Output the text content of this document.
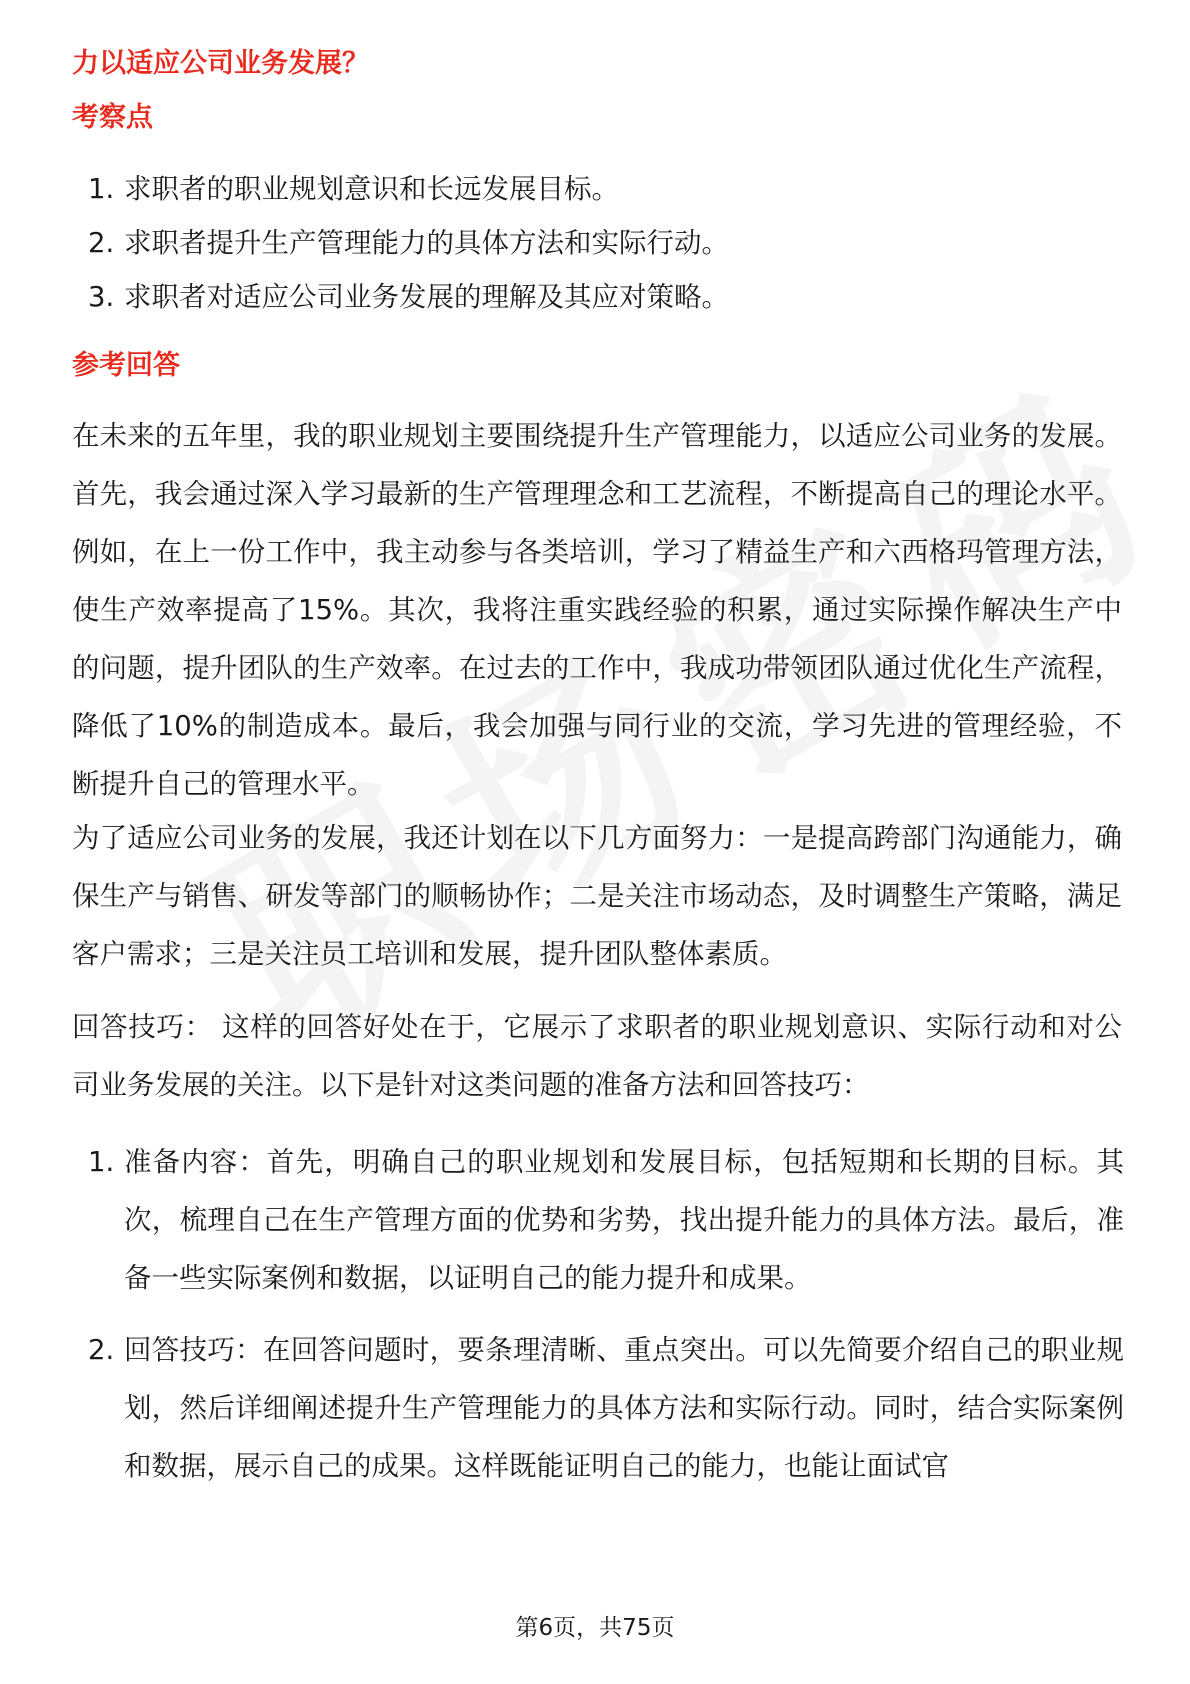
力以适应公司业务发展？
考察点
1. 求职者的职业规划意识和长远发展目标。
2. 求职者提升生产管理能力的具体方法和实际行动。
3. 求职者对适应公司业务发展的理解及其应对策略。
参考回答
在未来的五年里，我的职业规划主要围绕提升生产管理能力，以适应公司业务的发展。首先，我会通过深入学习最新的生产管理理念和工艺流程，不断提高自己的理论水平。例如，在上一份工作中，我主动参与各类培训，学习了精益生产和六西格玛管理方法，使生产效率提高了15%。其次，我将注重实践经验的积累，通过实际操作解决生产中的问题，提升团队的生产效率。在过去的工作中，我成功带领团队通过优化生产流程，降低了10%的制造成本。最后，我会加强与同行业的交流，学习先进的管理经验，不断提升自己的管理水平。
为了适应公司业务的发展，我还计划在以下几方面努力：一是提高跨部门沟通能力，确保生产与销售、研发等部门的顺畅协作；二是关注市场动态，及时调整生产策略，满足客户需求；三是关注员工培训和发展，提升团队整体素质。
回答技巧： 这样的回答好处在于，它展示了求职者的职业规划意识、实际行动和对公司业务发展的关注。以下是针对这类问题的准备方法和回答技巧：
1. 准备内容：首先，明确自己的职业规划和发展目标，包括短期和长期的目标。其次，梳理自己在生产管理方面的优势和劣势，找出提升能力的具体方法。最后，准备一些实际案例和数据，以证明自己的能力提升和成果。
2. 回答技巧：在回答问题时，要条理清晰、重点突出。可以先简要介绍自己的职业规划，然后详细阐述提升生产管理能力的具体方法和实际行动。同时，结合实际案例和数据，展示自己的成果。这样既能证明自己的能力，也能让面试官
第6页，共75页
